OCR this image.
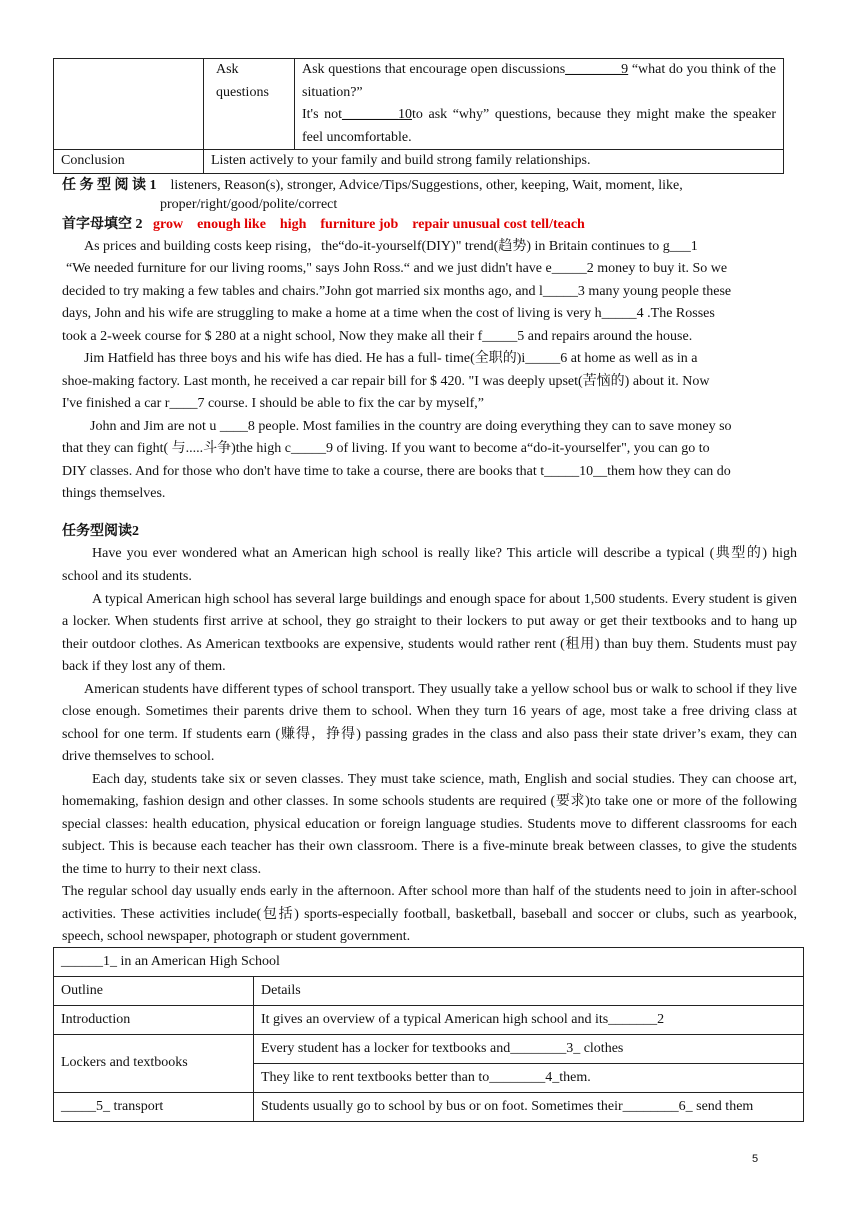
	Ask questions	Ask questions that encourage open discussions________9 “what do you think of the situation?”
It's not________10to ask “why” questions, because they might make the speaker feel uncomfortable.
Conclusion	Listen actively to your family and build strong family relationships.	
任 务 型 阅 读 1 listeners, Reason(s), stronger, Advice/Tips/Suggestions, other, keeping, Wait, moment, like,
proper/right/good/polite/correct
首字母填空 2 grow    enough like    high    furniture job    repair unusual cost tell/teach
As prices and building costs keep rising，the“do-it-yourself(DIY)" trend(趋势) in Britain continues to g___1
“We needed furniture for our living rooms," says John Ross.“ and we just didn't have e_____2 money to buy it. So we
decided to try making a few tables and chairs.”John got married six months ago, and l_____3 many young people these
days, John and his wife are struggling to make a home at a time when the cost of living is very h_____4 .The Rosses
took a 2-week course for $ 280 at a night school, Now they make all their f_____5 and repairs around the house.
Jim Hatfield has three boys and his wife has died. He has a full- time(全职的)i_____6 at home as well as in a
shoe-making factory. Last month, he received a car repair bill for $ 420. "I was deeply upset(苦恼的) about it. Now
I've finished a car r____7 course. I should be able to fix the car by myself,”
John and Jim are not u ____8 people. Most families in the country are doing everything they can to save money so
that they can fight( 与.....斗争)the high c_____9 of living. If you want to become a“do-it-yourselfer", you can go to
DIY classes. And for those who don't have time to take a course, there are books that t_____10__them how they can do
things themselves.
任务型阅读2

Have you ever wondered what an American high school is really like? This article will describe a typical (典型的) high school and its students.

A typical American high school has several large buildings and enough space for about 1,500 students. Every student is given a locker. When students first arrive at school, they go straight to their lockers to put away or get their textbooks and to hang up their outdoor clothes. As American textbooks are expensive, students would rather rent (租用) than buy them. Students must pay back if they lost any of them.

American students have different types of school transport. They usually take a yellow school bus or walk to school if they live close enough. Sometimes their parents drive them to school. When they turn 16 years of age, most take a free driving class at school for one term. If students earn (赚得，挣得) passing grades in the class and also pass their state driver’s exam, they can drive themselves to school.

Each day, students take six or seven classes. They must take science, math, English and social studies. They can choose art, homemaking, fashion design and other classes. In some schools students are required (要求)to take one or more of the following special classes: health education, physical education or foreign language studies. Students move to different classrooms for each subject. This is because each teacher has their own classroom. There is a five-minute break between classes, to give the students the time to hurry to their next class.

The regular school day usually ends early in the afternoon. After school more than half of the students need to join in after-school activities. These activities include(包括) sports-especially football, basketball, baseball and soccer or clubs, such as yearbook, speech, school newspaper, photograph or student government.

______1_ in an American High School	
Outline	Details
Introduction	It gives an overview of a typical American high school and its_______2
Lockers and textbooks	Every student has a locker for textbooks and________3_ clothes
	They like to rent textbooks better than to________4_them.
_____5_ transport	Students usually go to school by bus or on foot. Sometimes their________6_ send them
5
